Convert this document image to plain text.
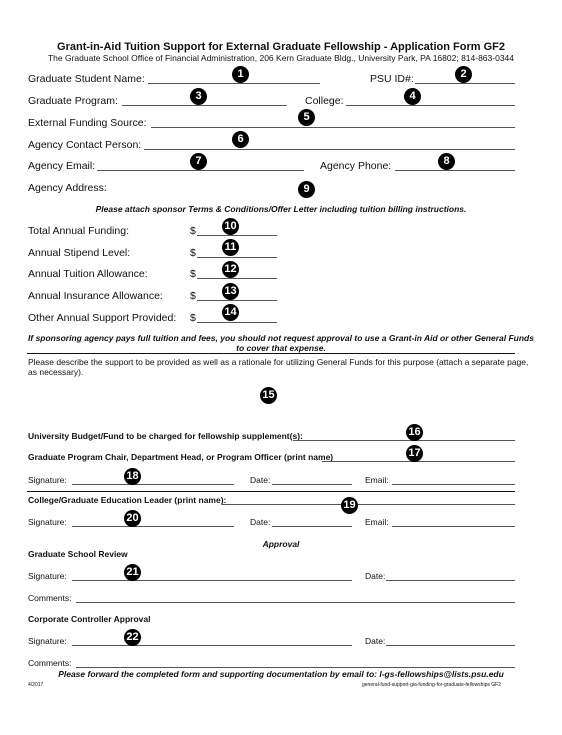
Grant-in-Aid Tuition Support for External Graduate Fellowship - Application Form GF2
The Graduate School Office of Financial Administration, 206 Kern Graduate Bldg., University Park, PA 16802; 814-863-0344
Graduate Student Name:	1	PSU ID#:	2
Graduate Program:	3	College:	4
External Funding Source:	5
Agency Contact Person:	6
Agency Email:	7	Agency Phone:	8
Agency Address:	9
Please attach sponsor Terms & Conditions/Offer Letter including tuition billing instructions.
Total Annual Funding:	$	10
Annual Stipend Level:	$	11
Annual Tuition Allowance:	$	12
Annual Insurance Allowance:	$	13
Other Annual Support Provided: $	14
If sponsoring agency pays full tuition and fees, you should not request approval to use a Grant-in Aid or other General Funds
to cover that expense.
Please describe the support to be provided as well as a rationale for utilizing General Funds for this purpose (attach a separate page,
as necessary).
15
University Budget/Fund to be charged for fellowship supplement(s):	16
Graduate Program Chair, Department Head, or Program Officer (print name)	17
Signature:	18	Date:	Email:
College/Graduate Education Leader (print name):	19
Signature:	20	Date:	Email:
Approval
Graduate School Review
Signature:	21	Date:
Comments:
Corporate Controller Approval
Signature:	22	Date:
Comments:
Please forward the completed form and supporting documentation by email to: l-gs-fellowships@lists.psu.edu
4/2017	general-fund-support-gia-funding-for-graduate-fellowships GF2
